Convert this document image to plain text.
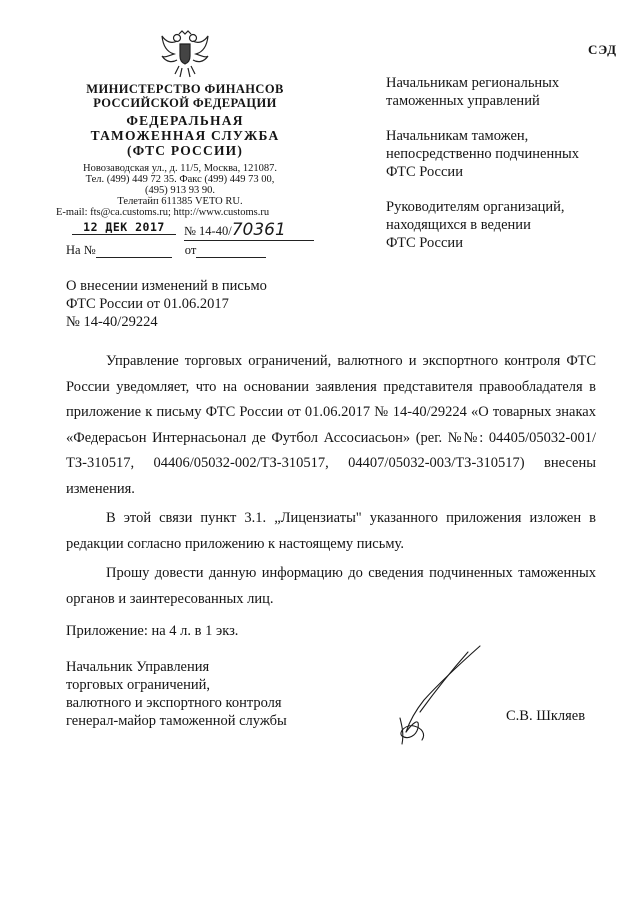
СЭД
МИНИСТЕРСТВО ФИНАНСОВ
РОССИЙСКОЙ ФЕДЕРАЦИИ
ФЕДЕРАЛЬНАЯ
ТАМОЖЕННАЯ СЛУЖБА
(ФТС РОССИИ)
Новозаводская ул., д. 11/5, Москва, 121087.
Тел. (499) 449 72 35. Факс (499) 449 73 00,
(495) 913 93 90.
Телетайп 611385 VETO RU.
E-mail: fts@ca.customs.ru; http://www.customs.ru
12 ДЕК 2017	№ 14-40/70361
На №	от

Начальникам региональных
таможенных управлений

Начальникам таможен,
непосредственно подчиненных
ФТС России

Руководителям организаций,
находящихся в ведении
ФТС России

О внесении изменений в письмо
ФТС России от 01.06.2017
№ 14-40/29224

Управление торговых ограничений, валютного и экспортного контроля ФТС России уведомляет, что на основании заявления представителя правообладателя в приложение к письму ФТС России от 01.06.2017 № 14-40/29224 «О товарных знаках «Федерасьон Интернасьонал де Футбол Ассосиасьон» (рег. №№: 04405/05032-001/ТЗ-310517, 04406/05032-002/ТЗ-310517, 04407/05032-003/ТЗ-310517) внесены изменения.

В этой связи пункт 3.1. „Лицензиаты" указанного приложения изложен в редакции согласно приложению к настоящему письму.

Прошу довести данную информацию до сведения подчиненных таможенных органов и заинтересованных лиц.

Приложение: на 4 л. в 1 экз.
Начальник Управления
торговых ограничений,
валютного и экспортного контроля
генерал-майор таможенной службы	С.В. Шкляев
